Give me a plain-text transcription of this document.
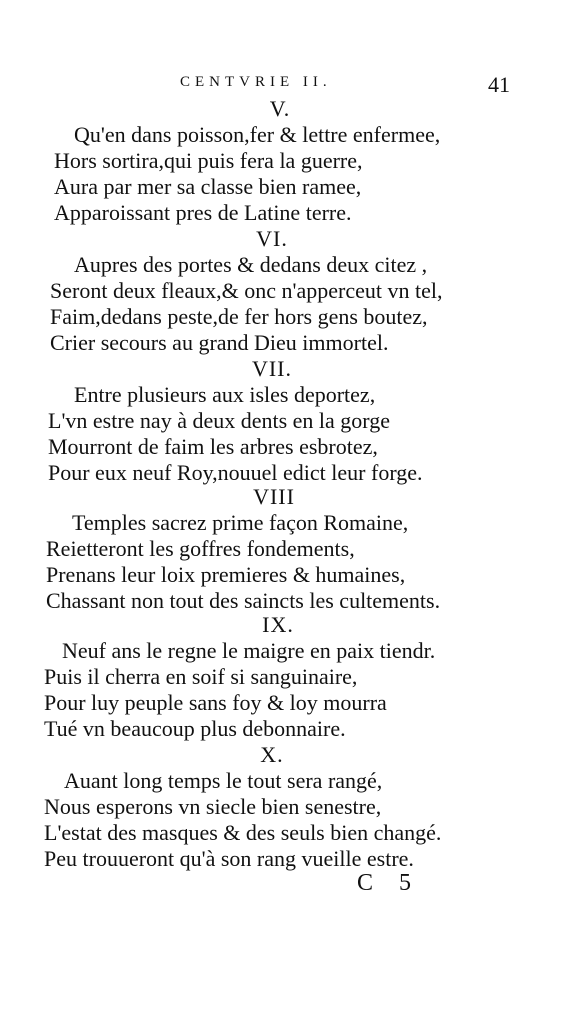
CENTVRIE II.	41
V.
Qu'en dans poisson,fer & lettre enfermee,
Hors sortira,qui puis fera la guerre,
Aura par mer sa classe bien ramee,
Apparoissant pres de Latine terre.
VI.
Aupres des portes & dedans deux citez ,
Seront deux fleaux,& onc n'apperceut vn tel,
Faim,dedans peste,de fer hors gens boutez,
Crier secours au grand Dieu immortel.
VII.
Entre plusieurs aux isles deportez,
L'vn estre nay à deux dents en la gorge
Mourront de faim les arbres esbrotez,
Pour eux neuf Roy,nouuel edict leur forge.
VIII
Temples sacrez prime façon Romaine,
Reietteront les goffres fondements,
Prenans leur loix premieres & humaines,
Chassant non tout des saincts les cultements.
IX.
Neuf ans le regne le maigre en paix tiendr.
Puis il cherra en soif si sanguinaire,
Pour luy peuple sans foy & loy mourra
Tué vn beaucoup plus debonnaire.
X.
Auant long temps le tout sera rangé,
Nous esperons vn siecle bien senestre,
L'estat des masques & des seuls bien changé.
Peu trouueront qu'à son rang vueille estre.
C 5
